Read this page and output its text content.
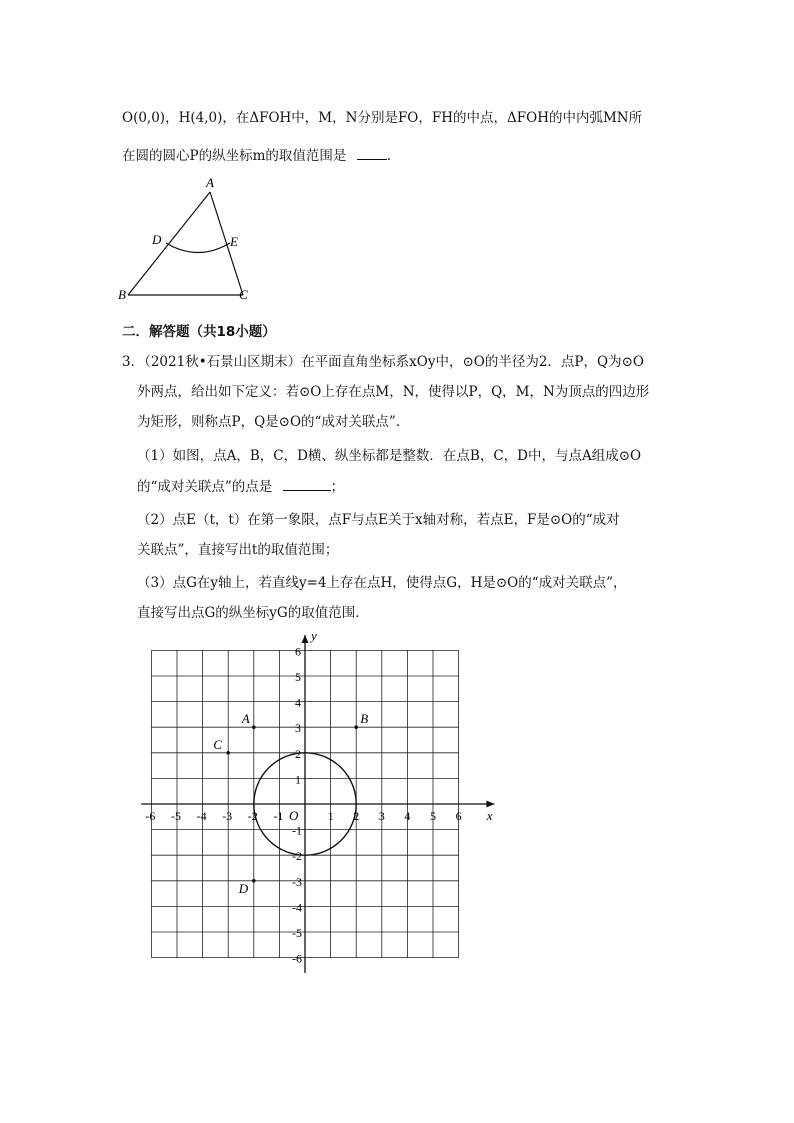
O(0,0)，H(4,0)，在ΔFOH中，M，N分别是FO，FH的中点，ΔFOH的中内弧MN所
在圆的圆心P的纵坐标m的取值范围是	.
A
D	E
B	C
二．解答题（共18小题）
3．（2021秋•石景山区期末）在平面直角坐标系xOy中，⊙O的半径为2．点P，Q为⊙O
外两点，给出如下定义：若⊙O上存在点M，N，使得以P，Q，M，N为顶点的四边形
为矩形，则称点P，Q是⊙O的“成对关联点”．
（1）如图，点A，B，C，D横、纵坐标都是整数．在点B，C，D中，与点A组成⊙O
的“成对关联点”的点是	；
（2）点E（t，t）在第一象限，点F与点E关于x轴对称，若点E，F是⊙O的“成对
关联点”，直接写出t的取值范围；
（3）点G在y轴上，若直线y=4上存在点H，使得点G，H是⊙O的“成对关联点”，
直接写出点G的纵坐标yG的取值范围．
-6 -5 -4 -3 -2 -1	1 2 3 4 5 6
6
5
4
3
2
1
-1
-2
-3
-4
-5
-6
A	B
C
D
x
y
O
